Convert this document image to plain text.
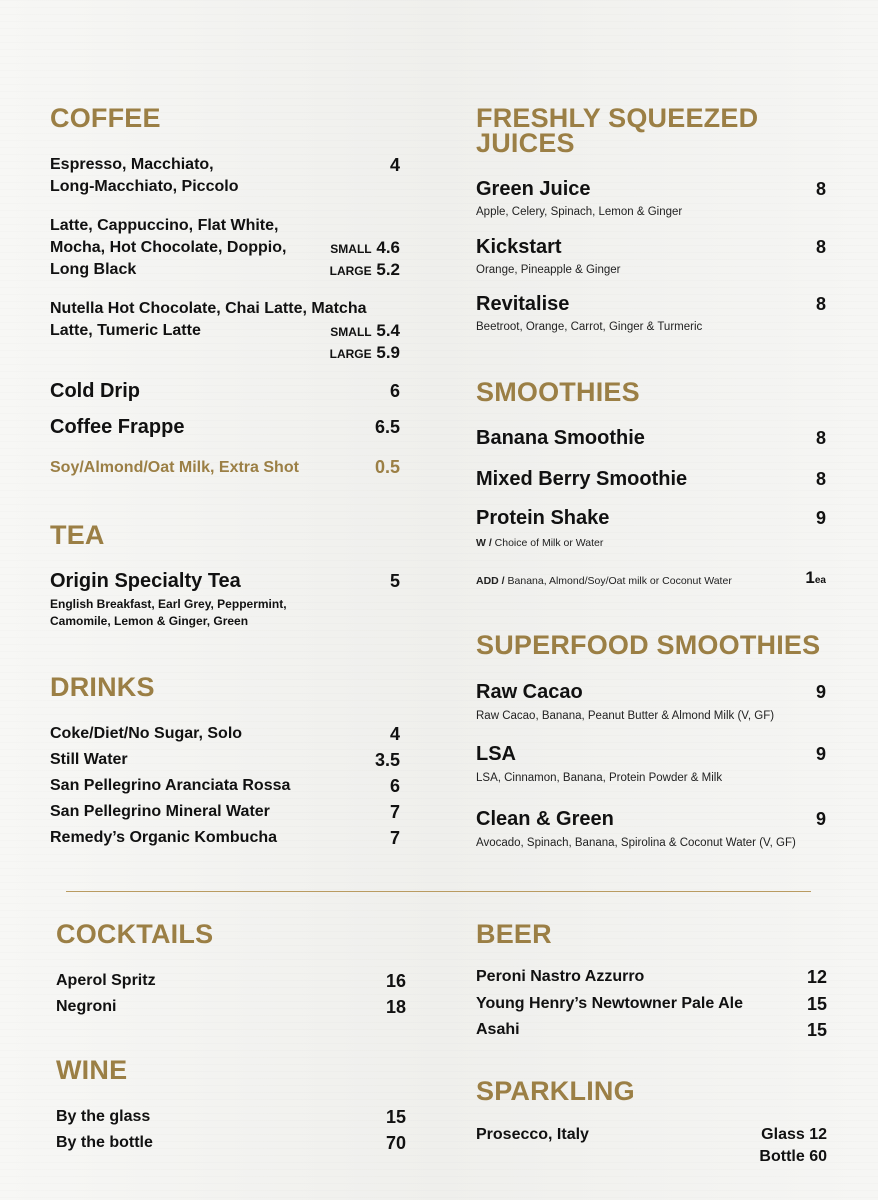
COFFEE
Espresso, Macchiato,
Long-Macchiato, Piccolo
4
Latte, Cappuccino, Flat White,
Mocha, Hot Chocolate, Doppio,
Long Black
SMALL 4.6
LARGE 5.2
Nutella Hot Chocolate, Chai Latte, Matcha
Latte, Tumeric Latte	SMALL 5.4
LARGE 5.9
Cold Drip	6
Coffee Frappe	6.5
Soy/Almond/Oat Milk, Extra Shot	0.5
TEA
Origin Specialty Tea	5
English Breakfast, Earl Grey, Peppermint,
Camomile, Lemon & Ginger, Green
DRINKS
Coke/Diet/No Sugar, Solo	4
Still Water	3.5
San Pellegrino Aranciata Rossa	6
San Pellegrino Mineral Water	7
Remedy’s Organic Kombucha	7
FRESHLY SQUEEZED
JUICES
Green Juice	8
Apple, Celery, Spinach, Lemon & Ginger
Kickstart	8
Orange, Pineapple & Ginger
Revitalise	8
Beetroot, Orange, Carrot, Ginger & Turmeric
SMOOTHIES
Banana Smoothie	8
Mixed Berry Smoothie	8
Protein Shake	9
W / Choice of Milk or Water
ADD / Banana, Almond/Soy/Oat milk or Coconut Water	1ea
SUPERFOOD SMOOTHIES
Raw Cacao	9
Raw Cacao, Banana, Peanut Butter & Almond Milk (V, GF)
LSA	9
LSA, Cinnamon, Banana, Protein Powder & Milk
Clean & Green	9
Avocado, Spinach, Banana, Spirolina & Coconut Water (V, GF)
COCKTAILS
Aperol Spritz	16
Negroni	18
WINE
By the glass	15
By the bottle	70
BEER
Peroni Nastro Azzurro	12
Young Henry’s Newtowner Pale Ale	15
Asahi	15
SPARKLING
Prosecco, Italy	Glass 12
Bottle 60
